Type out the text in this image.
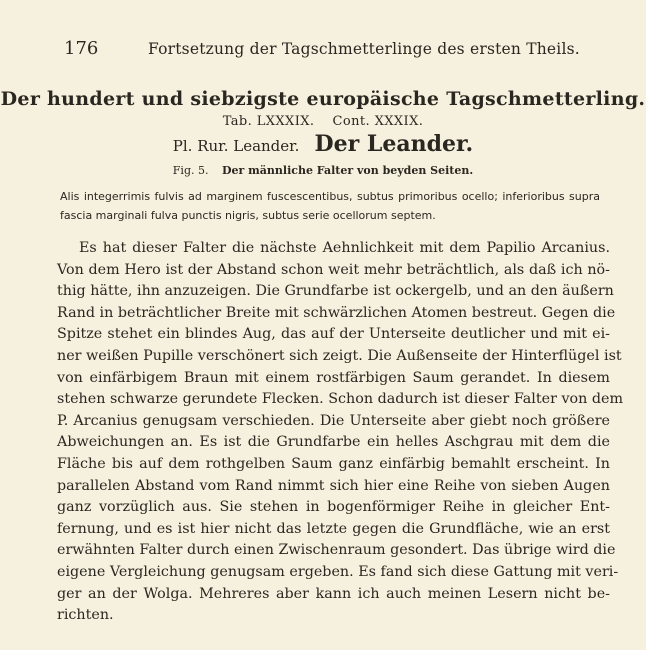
176	Fortsetzung der Tagschmetterlinge des ersten Theils.
Der hundert und siebzigste europäische Tagschmetterling.
Tab. LXXXIX.    Cont. XXXIX.
Pl. Rur. Leander. Der Leander.
Fig. 5. Der männliche Falter von beyden Seiten.
Alis integerrimis fulvis ad marginem fuscescentibus, subtus primoribus ocello; inferioribus supra fascia marginali fulva punctis nigris, subtus serie ocellorum septem.
Es hat dieser Falter die nächste Aehnlichkeit mit dem Papilio Arcanius.
Von dem Hero ist der Abstand schon weit mehr beträchtlich, als daß ich nö-
thig hätte, ihn anzuzeigen. Die Grundfarbe ist ockergelb, und an den äußern
Rand in beträchtlicher Breite mit schwärzlichen Atomen bestreut. Gegen die
Spitze stehet ein blindes Aug, das auf der Unterseite deutlicher und mit ei-
ner weißen Pupille verschönert sich zeigt. Die Außenseite der Hinterflügel ist
von einfärbigem Braun mit einem rostfärbigen Saum gerandet. In diesem
stehen schwarze gerundete Flecken. Schon dadurch ist dieser Falter von dem
P. Arcanius genugsam verschieden. Die Unterseite aber giebt noch größere
Abweichungen an. Es ist die Grundfarbe ein helles Aschgrau mit dem die
Fläche bis auf dem rothgelben Saum ganz einfärbig bemahlt erscheint. In
parallelen Abstand vom Rand nimmt sich hier eine Reihe von sieben Augen
ganz vorzüglich aus. Sie stehen in bogenförmiger Reihe in gleicher Ent-
fernung, und es ist hier nicht das letzte gegen die Grundfläche, wie an erst
erwähnten Falter durch einen Zwischenraum gesondert. Das übrige wird die
eigene Vergleichung genugsam ergeben. Es fand sich diese Gattung mit veri-
ger an der Wolga. Mehreres aber kann ich auch meinen Lesern nicht be-
richten.
